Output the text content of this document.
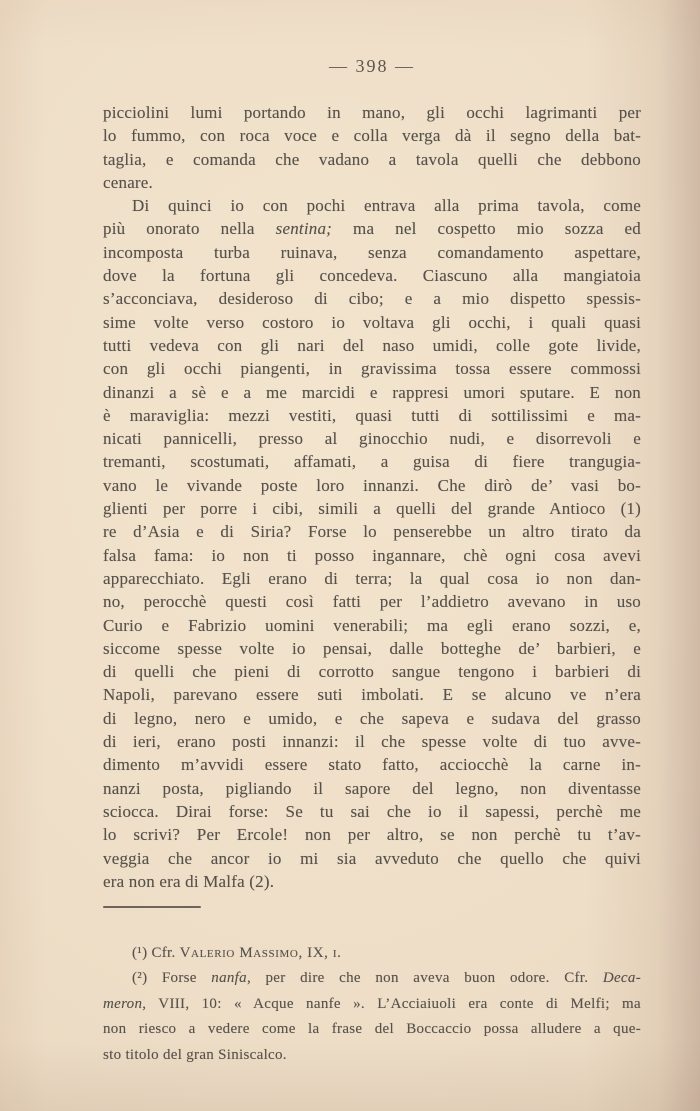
— 398 —
picciolini lumi portando in mano, gli occhi lagrimanti per
lo fummo, con roca voce e colla verga dà il segno della bat-
taglia, e comanda che vadano a tavola quelli che debbono
cenare.
Di quinci io con pochi entrava alla prima tavola, come
più onorato nella sentina; ma nel cospetto mio sozza ed
incomposta turba ruinava, senza comandamento aspettare,
dove la fortuna gli concedeva. Ciascuno alla mangiatoia
s’acconciava, desideroso di cibo; e a mio dispetto spessis-
sime volte verso costoro io voltava gli occhi, i quali quasi
tutti vedeva con gli nari del naso umidi, colle gote livide,
con gli occhi piangenti, in gravissima tossa essere commossi
dinanzi a sè e a me marcidi e rappresi umori sputare. E non
è maraviglia: mezzi vestiti, quasi tutti di sottilissimi e ma-
nicati pannicelli, presso al ginocchio nudi, e disorrevoli e
tremanti, scostumati, affamati, a guisa di fiere trangugia-
vano le vivande poste loro innanzi. Che dirò de’ vasi bo-
glienti per porre i cibi, simili a quelli del grande Antioco (1)
re d’Asia e di Siria? Forse lo penserebbe un altro tirato da
falsa fama: io non ti posso ingannare, chè ogni cosa avevi
apparecchiato. Egli erano di terra; la qual cosa io non dan-
no, perocchè questi così fatti per l’addietro avevano in uso
Curio e Fabrizio uomini venerabili; ma egli erano sozzi, e,
siccome spesse volte io pensai, dalle botteghe de’ barbieri, e
di quelli che pieni di corrotto sangue tengono i barbieri di
Napoli, parevano essere suti imbolati. E se alcuno ve n’era
di legno, nero e umido, e che sapeva e sudava del grasso
di ieri, erano posti innanzi: il che spesse volte di tuo avve-
dimento m’avvidi essere stato fatto, acciocchè la carne in-
nanzi posta, pigliando il sapore del legno, non diventasse
sciocca. Dirai forse: Se tu sai che io il sapessi, perchè me
lo scrivi? Per Ercole! non per altro, se non perchè tu t’av-
veggia che ancor io mi sia avveduto che quello che quivi
era non era di Malfa (2).
(¹) Cfr. Valerio Massimo, IX, i.
(²) Forse nanfa, per dire che non aveva buon odore. Cfr. Deca-
meron, VIII, 10: « Acque nanfe ». L’Acciaiuoli era conte di Melfi; ma
non riesco a vedere come la frase del Boccaccio possa alludere a que-
sto titolo del gran Siniscalco.
